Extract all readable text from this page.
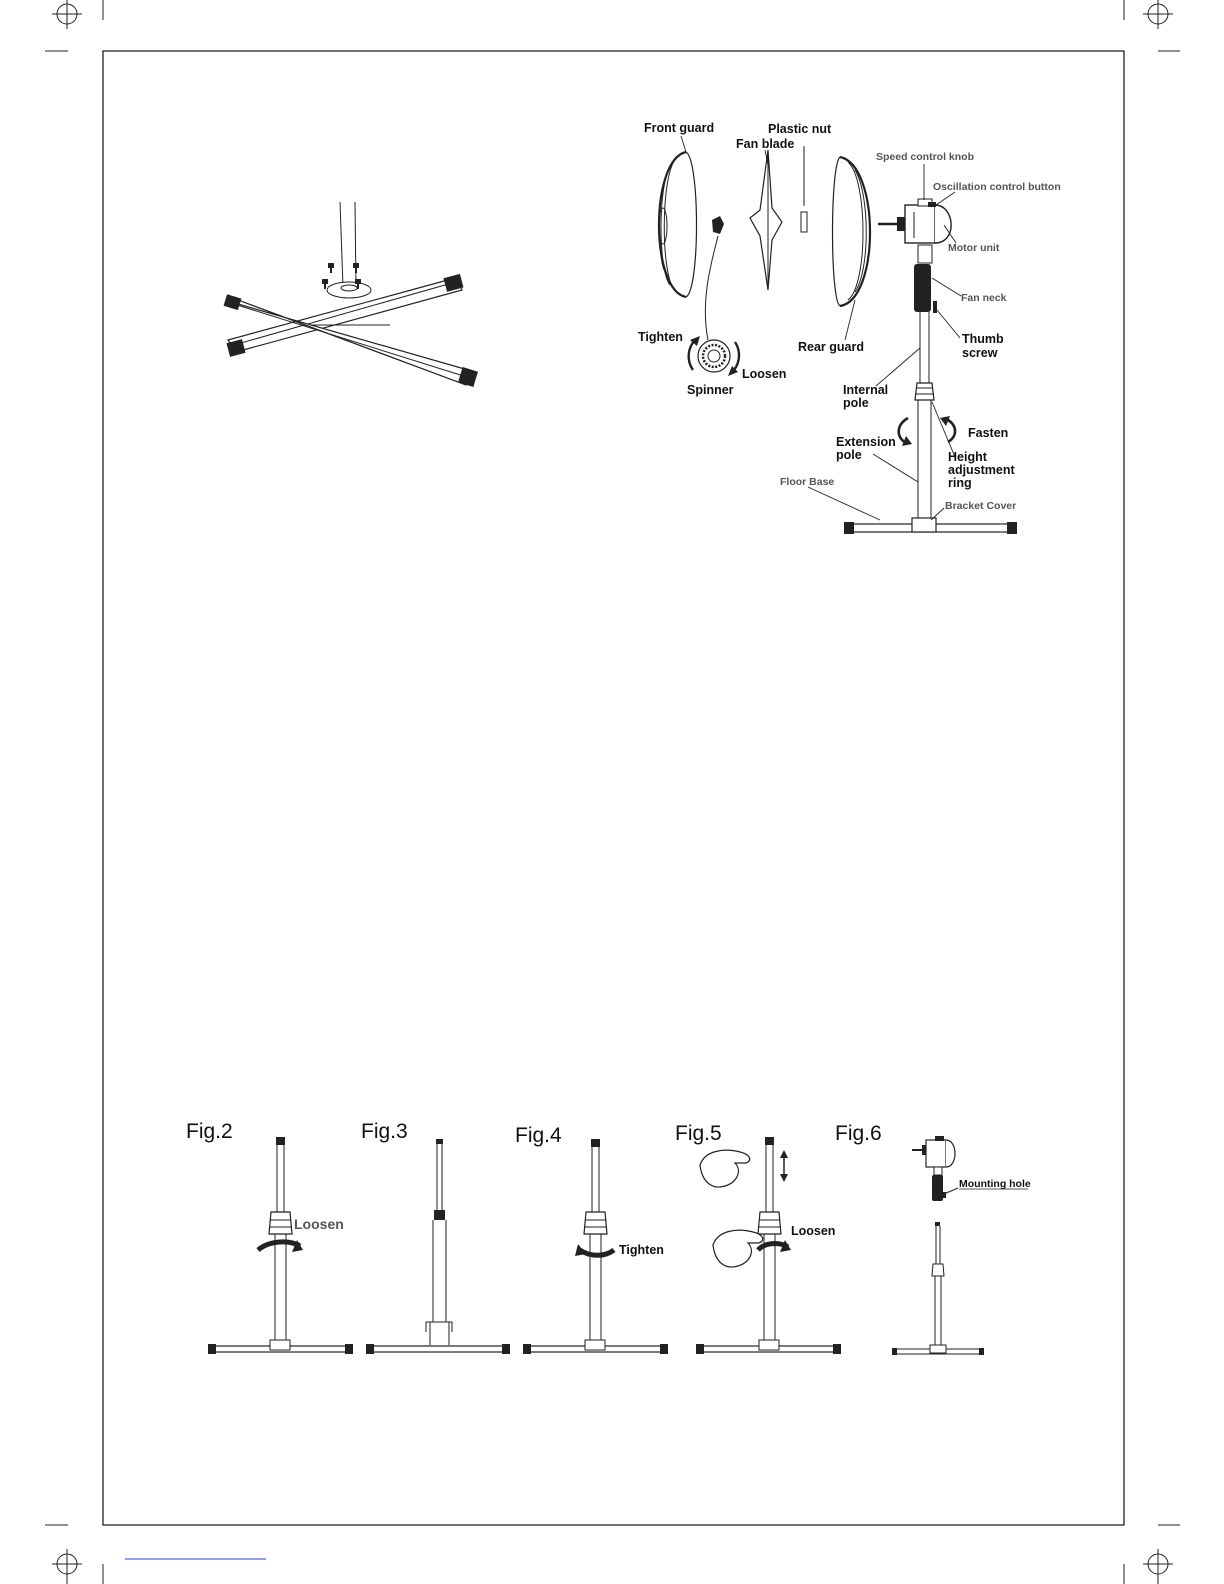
Front guard	Plastic nut
Fan blade
Speed control knob
Oscillation control button
Motor unit
Fan neck
Thumb
screw
Tighten
Rear guard
Loosen
Spinner	Internal
pole
Fasten
Extension
pole	Height
adjustment
ring
Floor Base
Bracket Cover
Fig.2
Loosen
Fig.3	Fig.4
Tighten
Fig.5
Loosen
Fig.6
Mounting hole
